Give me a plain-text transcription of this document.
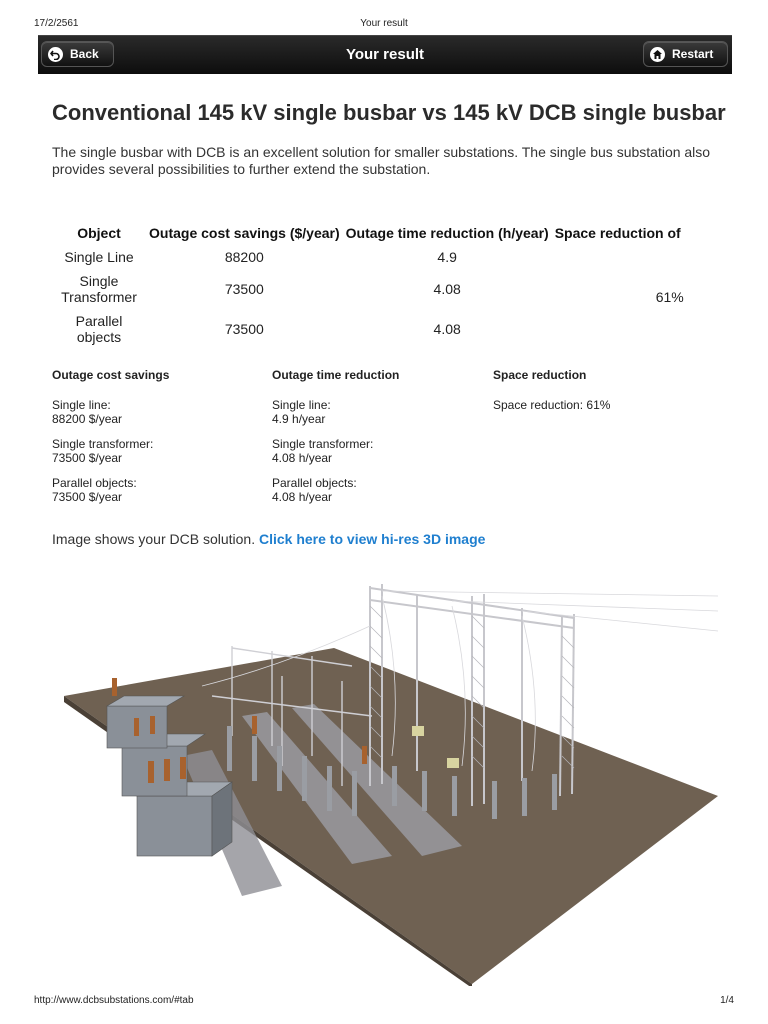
17/2/2561	Your result
Back	Your result	Restart
Conventional 145 kV single busbar vs 145 kV DCB single busbar
The single busbar with DCB is an excellent solution for smaller substations. The single bus substation also provides several possibilities to further extend the substation.
Object	Outage cost savings ($/year)	Outage time reduction (h/year)	Space reduction of
Single Line	88200	4.9	61%
Single Transformer	73500	4.08	
Parallel objects	73500	4.08	
Outage cost savings
Single line:
88200 $/year
Single transformer:
73500 $/year
Parallel objects:
73500 $/year
Outage time reduction
Single line:
4.9 h/year
Single transformer:
4.08 h/year
Parallel objects:
4.08 h/year
Space reduction
Space reduction: 61%
Image shows your DCB solution. Click here to view hi-res 3D image
http://www.dcbsubstations.com/#tab	1/4
